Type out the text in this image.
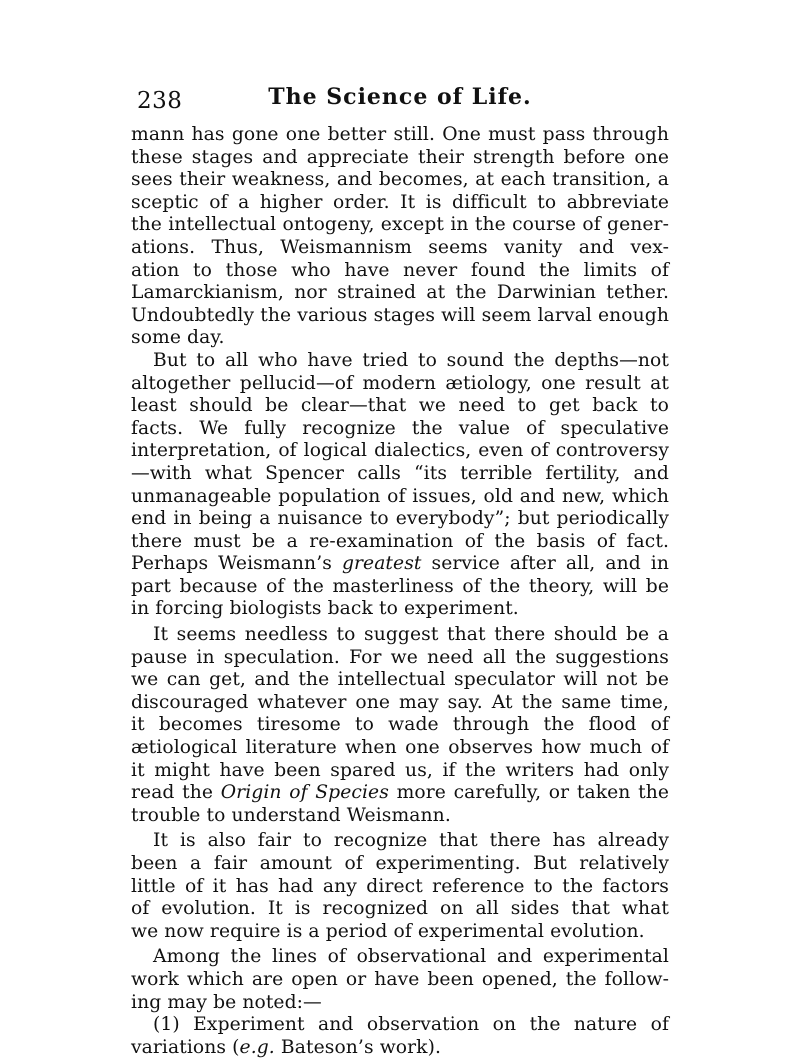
238	The Science of Life.

mann has gone one better still. One must pass through
these stages and appreciate their strength before one
sees their weakness, and becomes, at each transition, a
sceptic of a higher order. It is difficult to abbreviate
the intellectual ontogeny, except in the course of gener-
ations. Thus, Weismannism seems vanity and vex-
ation to those who have never found the limits of
Lamarckianism, nor strained at the Darwinian tether.
Undoubtedly the various stages will seem larval enough
some day.

But to all who have tried to sound the depths—not
altogether pellucid—of modern ætiology, one result at
least should be clear—that we need to get back to
facts. We fully recognize the value of speculative
interpretation, of logical dialectics, even of controversy
—with what Spencer calls “its terrible fertility, and
unmanageable population of issues, old and new, which
end in being a nuisance to everybody”; but periodically
there must be a re-examination of the basis of fact.
Perhaps Weismann’s greatest service after all, and in
part because of the masterliness of the theory, will be
in forcing biologists back to experiment.

It seems needless to suggest that there should be a
pause in speculation. For we need all the suggestions
we can get, and the intellectual speculator will not be
discouraged whatever one may say. At the same time,
it becomes tiresome to wade through the flood of
ætiological literature when one observes how much of
it might have been spared us, if the writers had only
read the Origin of Species more carefully, or taken the
trouble to understand Weismann.

It is also fair to recognize that there has already
been a fair amount of experimenting. But relatively
little of it has had any direct reference to the factors
of evolution. It is recognized on all sides that what
we now require is a period of experimental evolution.

Among the lines of observational and experimental
work which are open or have been opened, the follow-
ing may be noted:—

(1) Experiment and observation on the nature of
variations (e.g. Bateson’s work).
